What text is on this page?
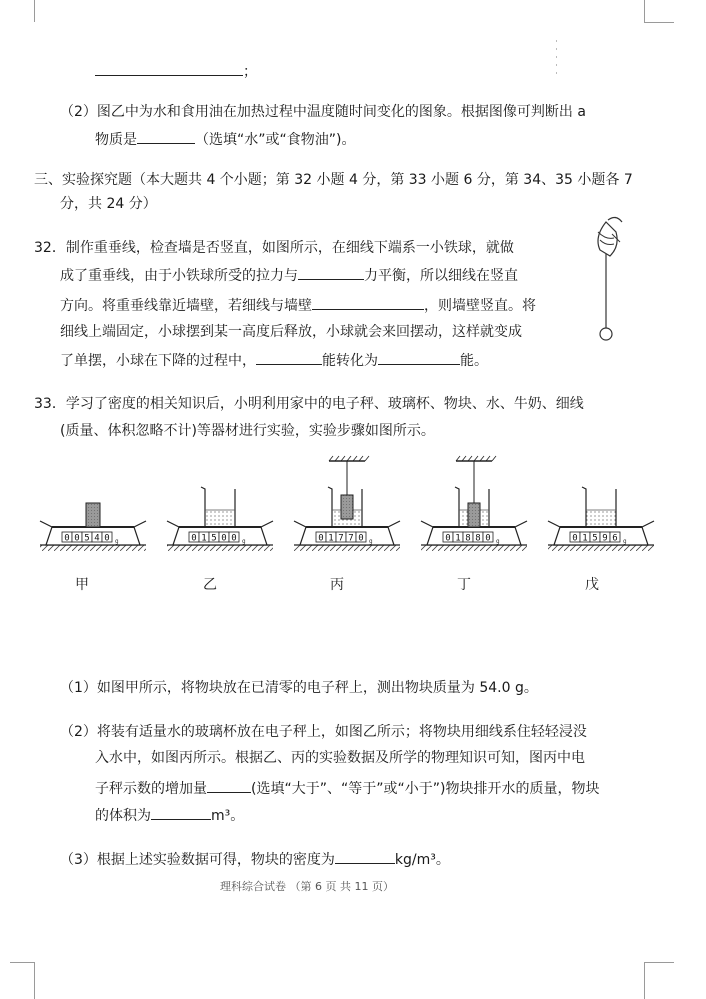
；
（2）图乙中为水和食用油在加热过程中温度随时间变化的图象。根据图像可判断出 a
物质是	（选填“水”或“食物油”)。
三、实验探究题（本大题共 4 个小题；第 32 小题 4 分，第 33 小题 6 分，第 34、35 小题各 7
分，共 24 分）
32．制作重垂线，检查墙是否竖直，如图所示，在细线下端系一小铁球，就做
成了重垂线，由于小铁球所受的拉力与	力平衡，所以细线在竖直
方向。将重垂线靠近墙壁，若细线与墙壁	，则墙壁竖直。将
细线上端固定，小球摆到某一高度后释放，小球就会来回摆动，这样就变成
了单摆，小球在下降的过程中，	能转化为	能。
33．学习了密度的相关知识后，小明利用家中的电子秤、玻璃杯、物块、水、牛奶、细线
(质量、体积忽略不计)等器材进行实验，实验步骤如图所示。
0 0 5 4 0 g	0 1 5 0 0 g	0 1 7 7 0 g	0 1 8 8 0 g	0 1 5 9 6 g
甲	乙	丙	丁	戊
（1）如图甲所示，将物块放在已清零的电子秤上，测出物块质量为 54.0 g。
（2）将装有适量水的玻璃杯放在电子秤上，如图乙所示；将物块用细线系住轻轻浸没
入水中，如图丙所示。根据乙、丙的实验数据及所学的物理知识可知，图丙中电
子秤示数的增加量	(选填“大于”、“等于”或“小于”)物块排开水的质量，物块
的体积为	m³。
（3）根据上述实验数据可得，物块的密度为	kg/m³。
理科综合试卷 （第 6 页 共 11 页）
